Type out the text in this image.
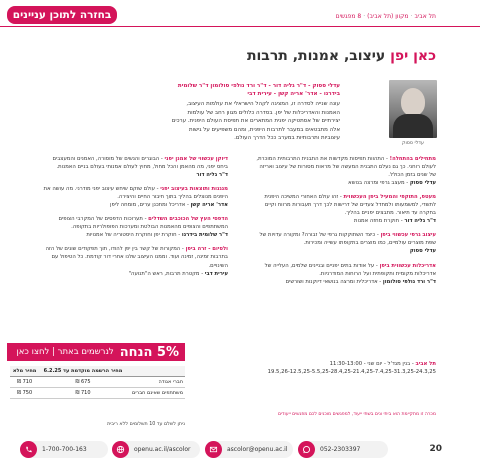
בחזרה לתוכן עניינים	תל אביב·מקוון (תל אביב)·8 מפגשים
כאן יפן עיצוב, אמנות, תרבות
עדלי ססוק - ד"ר גליה דור - ד"ר ורד נולפי סולומון ד"ר שלומית בידרנו - אדר' אריה קשן - עירית דבי
עונה שנייה לסדרה זו, המציגה לקהל הישראלי את עולמות העיצוב, האמנות והאדריכלות של יפן. בסדרה כלולים מגוון רחב של עולמות יצירתיים של אסתטיקה יפנית המתארים את תפיסת העולם היפנית. ערכים אלה מתבטאים במעבר לתרבות היפנית, ומהם משפיעים על גישות עיצוביות ותרבותיות במערב ככל הדרך העולם.
עדלי ססוק
מתחילים בהתחלה! - התהוות תפיסות מקדשות את התבנית התרבותית המוכרת, לעולם רוחני. כך גם נעלם התבנית המעשה של מראות מסורות של עיצוב ואריזה של שנים בזמן הכולל.
עדלי ססוק - מעצב גרפי ומרצה בנושא
מעטפ, התוקפי והמעיל ביפן העכשווית - זהו עולם האחורי המשיכה היפנית לתשדי, למשמעותו ולמחדל צעדים של דרישות לכך דרך תעבורות מרווח וקיים בחקרה עד תיאור. מתבצים יפניים בהליך.
ד"ר גליה דור - חוקרת מחזה אמנות
עיצוב גרפי עכשווי ביפן - כיצד השתוקקות גרפי של זבורה? ומקורה עדויות של שפת מוצרים עולמיים, כמו מוצרים בתקופתו עשייה ומכירות.
עדלי ססוק
אדריכלות עכשווית ביפן - על אודות בתים יפניים ובניינים שלמים, העלייה של אדריכלות מקומית ותקופתית ועל הרוחות המודרניות.
ד"ר ורד נולפי סולומון - אדריכלית ומרצה בנושאי דיוקנות ושורשים
דיוקן עכשווי של אמנן יפני - הבוגרים והנשים של מוסורה, האמנים והמעצבים ביחס יפני, מה מהאמן והכל מחול, מחוץ לעולם אמנותי בעולם בניים האמנות.
ד"ר גליה דור
מנגנות ותוצאות בעיצוב יפני - עולם שוקם שיחש עיצוב יפני מודרני. מה עושה את היפנים מנוצלים בהליך בתוך חיבור החיים והיצירה.
אדר' אריה קשן - אדריכל ומתכנן ערים, מומחה ליפן
הדפסי העץ של הכוכבים השדלים - תערוכות הדפסים של המקרבי הצופים המשתתפים והצופים מהאמנות הבולטת ומערכות הפופולריות בתקופה.
ד"ר שלומית בידרנו - חוקרת יפן וחוקרת היסטוריה של אמנויות
ולסיום - זרה ביפן - המקורות של קשר בין יפן להודו, תוך תפקודים שונים של הזה בתרבות זמינה, זמינה ועוד. וממנו העיצוב שלנו אחרי דור קודמת. כל הטיפול עם השינויים.
עירית דבי - מקטרת תרבות, ראש ה"תנועה"
5% הנחה
לנרשמים באתר | לחצו כאן
	מחיר הרשמה מוקדמת עד 6.2.25	מחיר מלא
חברי אגודה	675 ₪	710 ₪
משתתפים שאינם חברים	710 ₪	750 ₪
ניתן לשלם עד 10 תשלומים ללא ריבית
תל אביב - בנין מגד'ל - יום שני - 11:30-13:00
19.5,26-12.5,25-5.5,25-28.4,25-21.4,25-7.4,25-31.3,25-24.3,25
מכרה זו מתקיימת הוא ביתי ונים בשתי ייעוד, למפגשים מוכנים לכם מפגשים ייעודים
20
052-2303397
ascolor@openu.ac.il
openu.ac.il/ascolor
1-700-700-163
